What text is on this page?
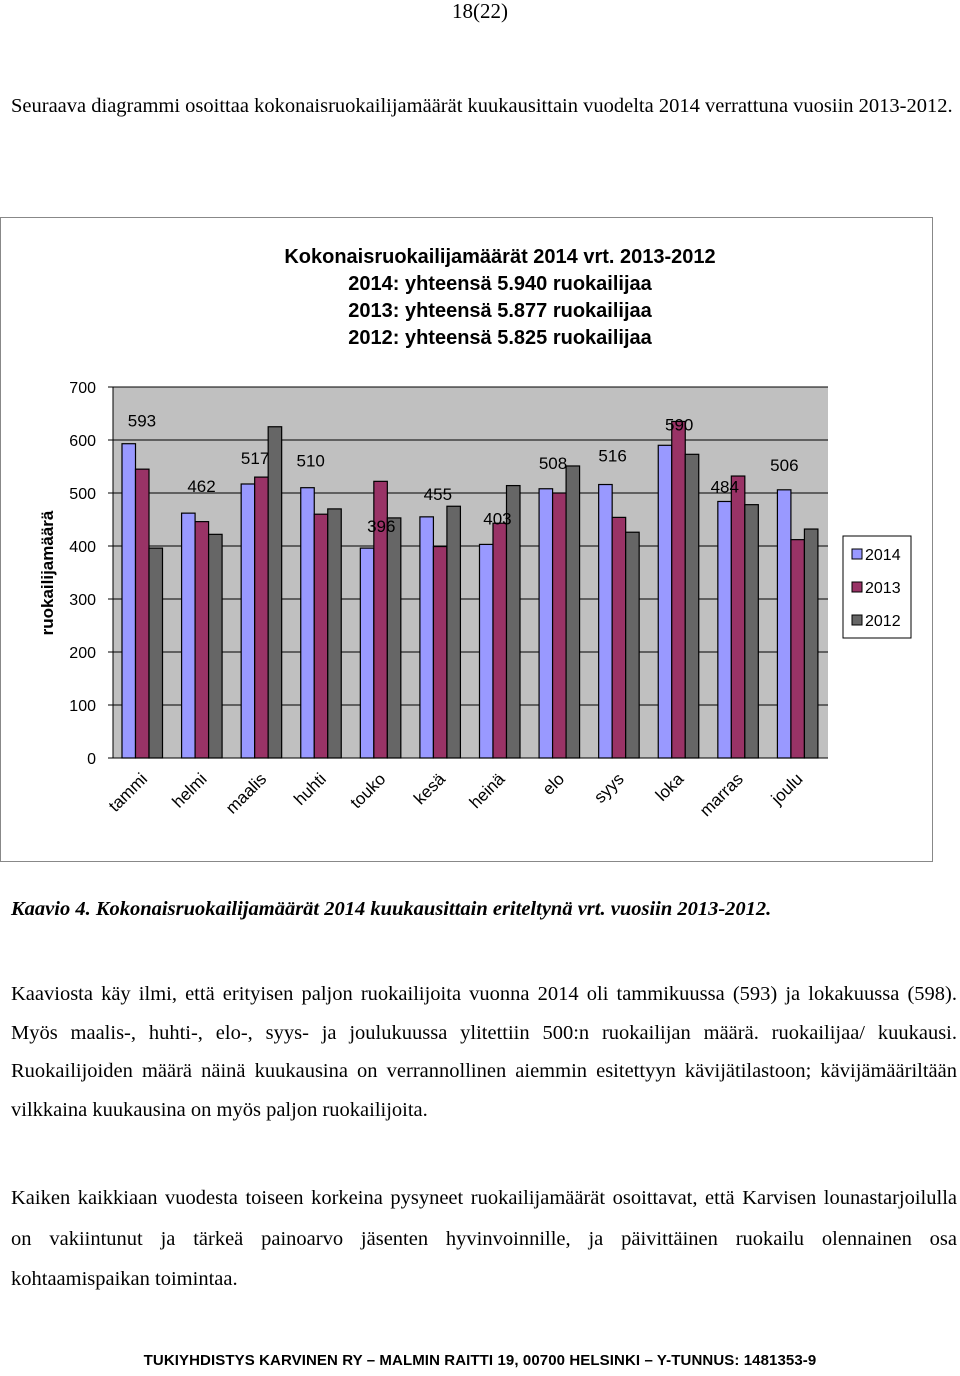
18(22)

Seuraava diagrammi osoittaa kokonaisruokailijamäärät kuukausittain vuodelta 2014 verrattuna vuosiin 2013-2012.

Kokonaisruokailijamäärät 2014 vrt. 2013-2012
2014: yhteensä 5.940 ruokailijaa
2013: yhteensä 5.877 ruokailijaa
2012: yhteensä 5.825 ruokailijaa
593
462
517 510
396
455
403
508 516
590
484
506
0
100
200
300
400
500
600
700
tammi helmi maalis huhti touko kesä heinä elo syys loka marras joulu
ruokailijamäärä	2014
2013
2012
Kaavio 4. Kokonaisruokailijamäärät 2014 kuukausittain eriteltynä vrt. vuosiin 2013-2012.

Kaaviosta käy ilmi, että erityisen paljon ruokailijoita vuonna 2014 oli tammikuussa (593) ja lokakuussa (598). Myös maalis-, huhti-, elo-, syys- ja joulukuussa ylitettiin 500:n ruokailijan määrä. ruokailijaa/ kuukausi. Ruokailijoiden määrä näinä kuukausina on verrannollinen aiemmin esitettyyn kävijätilastoon; kävijämääriltään vilkkaina kuukausina on myös paljon ruokailijoita.

Kaiken kaikkiaan vuodesta toiseen korkeina pysyneet ruokailijamäärät osoittavat, että Karvisen lounastarjoilulla on vakiintunut ja tärkeä painoarvo jäsenten hyvinvoinnille, ja päivittäinen ruokailu olennainen osa kohtaamispaikan toimintaa.

TUKIYHDISTYS KARVINEN RY – MALMIN RAITTI 19, 00700 HELSINKI – Y-TUNNUS: 1481353-9
